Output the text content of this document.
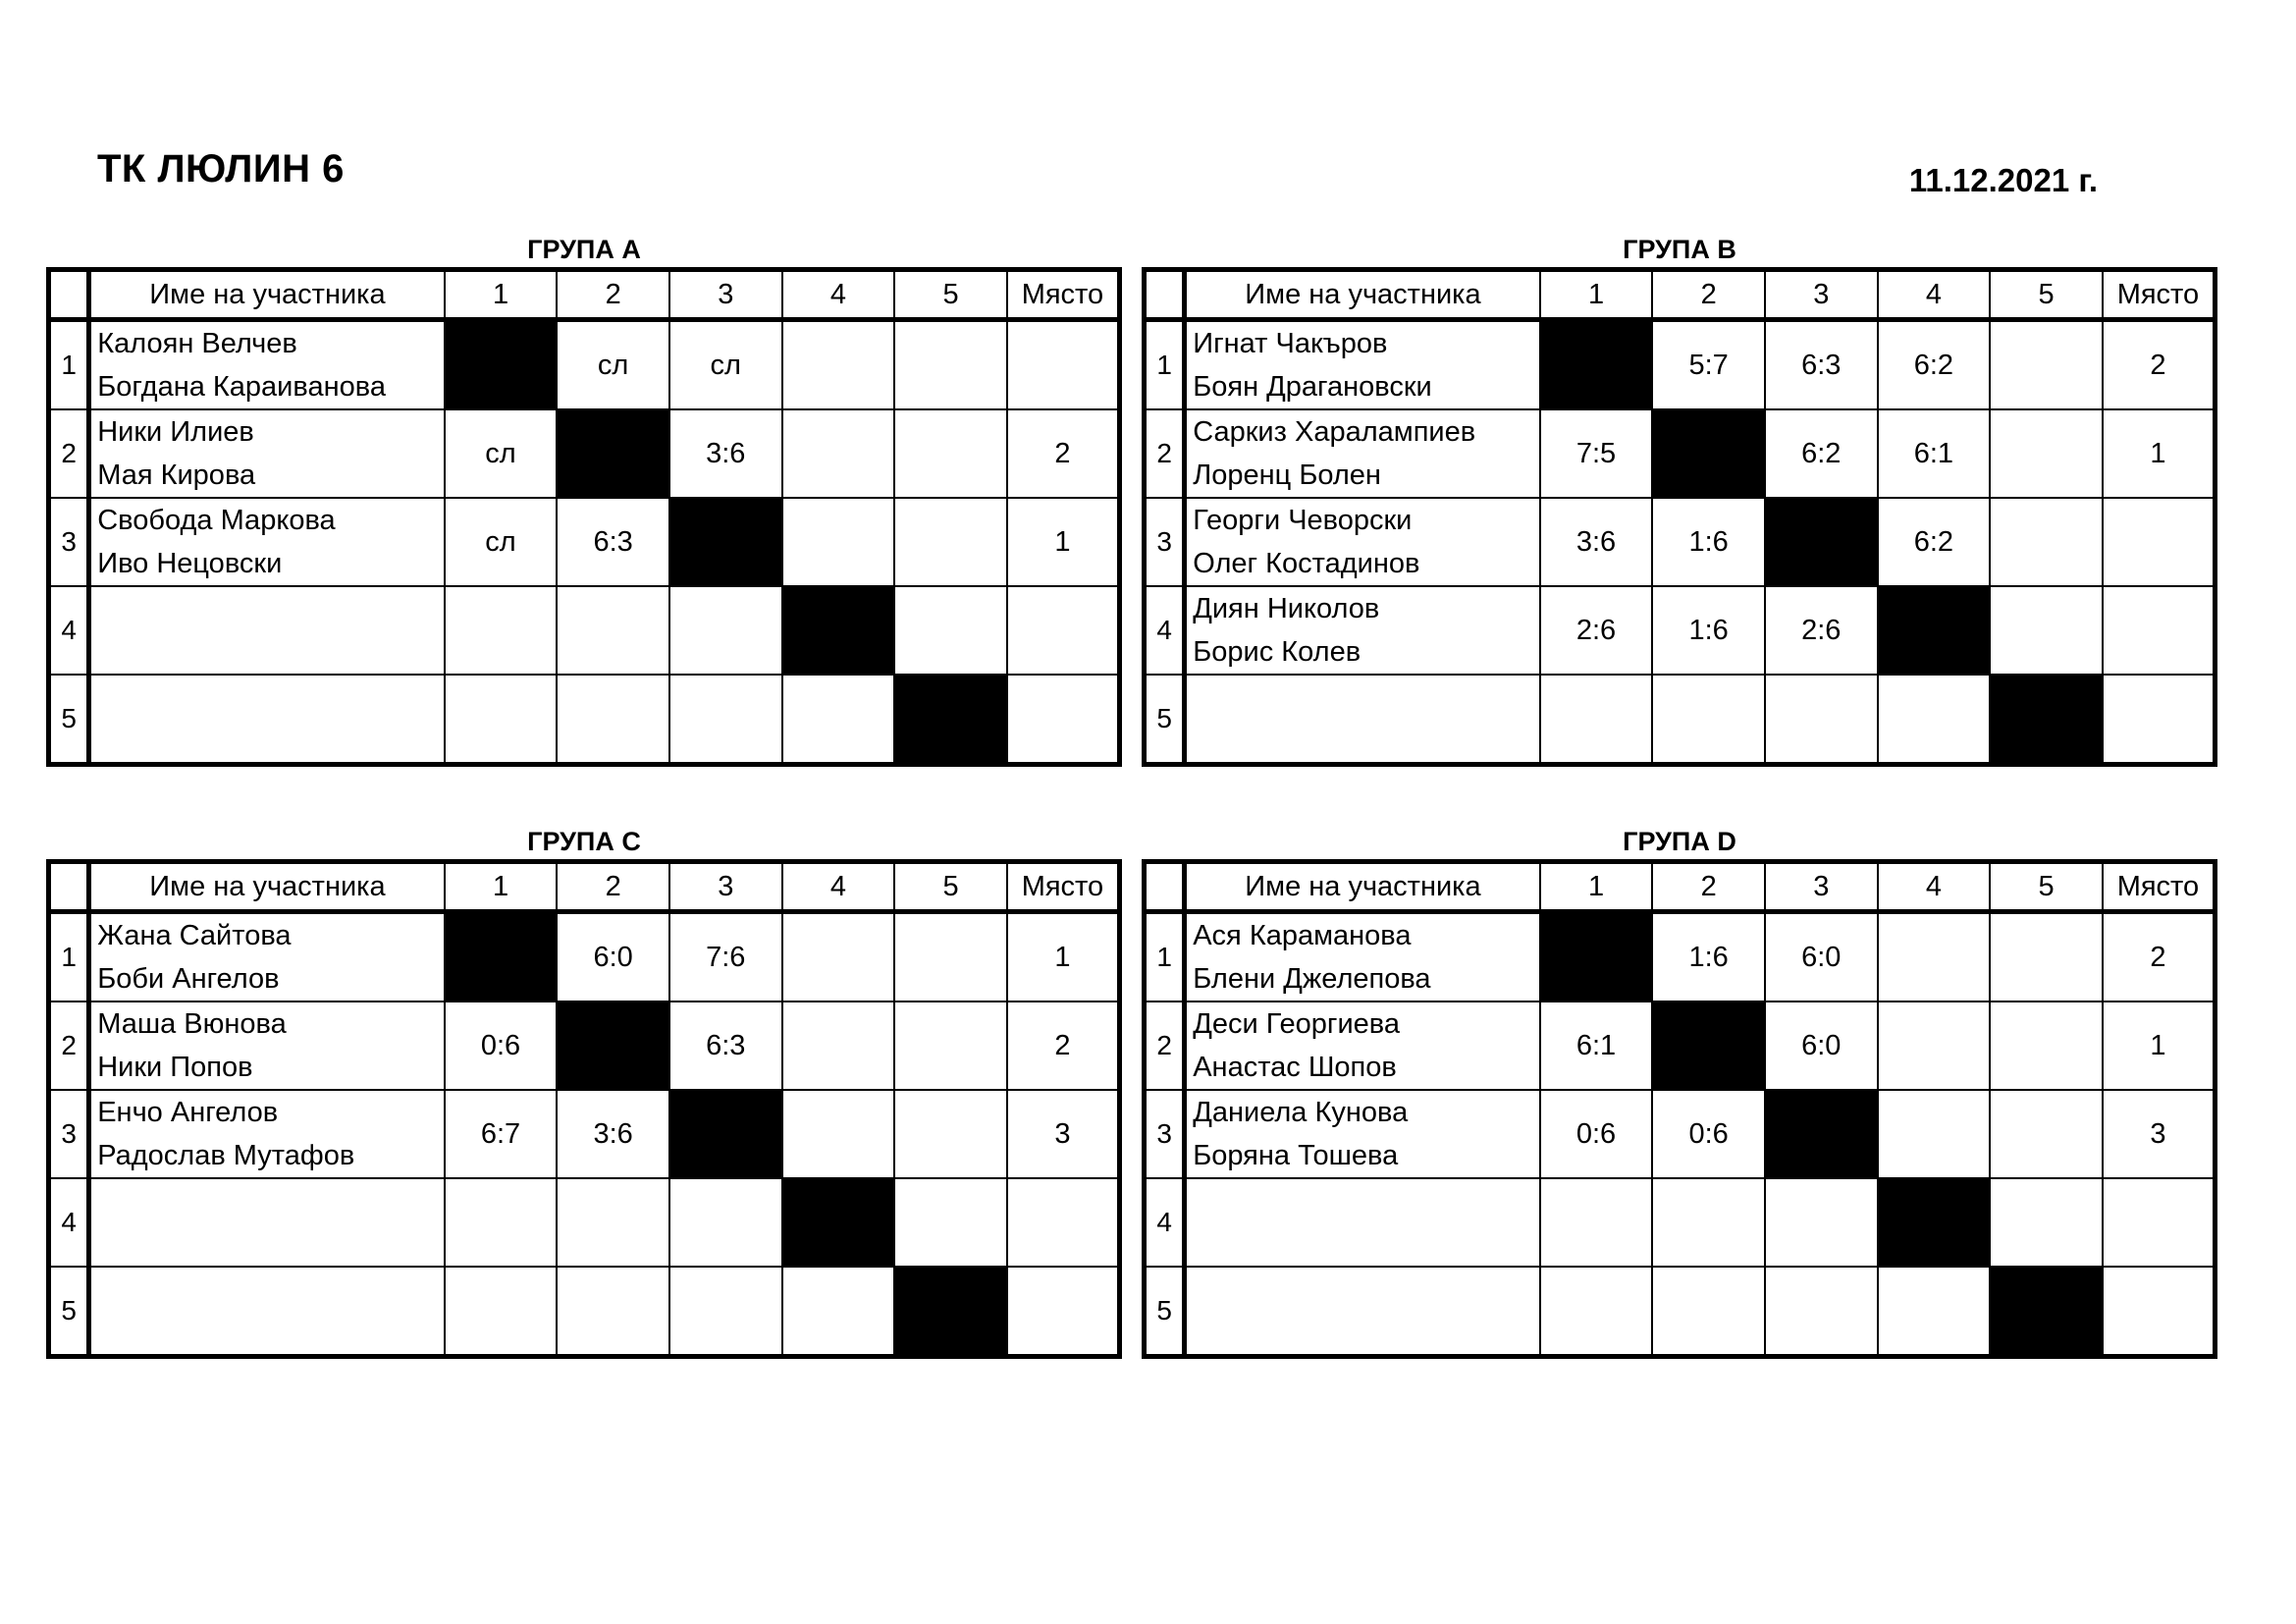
ТК ЛЮЛИН 6	11.12.2021 г.
ГРУПА А
	Име на участника	1	2	3	4	5	Място
1	Калоян Велчев
Богдана Караиванова		сл	сл			
2	Ники Илиев
Мая Кирова	сл		3:6			2
3	Свобода Маркова
Иво Нецовски	сл	6:3				1
4	

5	

ГРУПА B
	Име на участника	1	2	3	4	5	Място
1	Игнат Чакъров
Боян Драгановски		5:7	6:3	6:2		2
2	Саркиз Харалампиев
Лоренц Болен	7:5		6:2	6:1		1
3	Георги Чеворски
Олег Костадинов	3:6	1:6		6:2		
4	Диян Николов
Борис Колев	2:6	1:6	2:6			
5	

ГРУПА C
	Име на участника	1	2	3	4	5	Място
1	Жана Сайтова
Боби Ангелов		6:0	7:6			1
2	Маша Вюнова
Ники Попов	0:6		6:3			2
3	Енчо Ангелов
Радослав Мутафов	6:7	3:6				3
4	

5	

ГРУПА D
	Име на участника	1	2	3	4	5	Място
1	Ася Караманова
Блени Джелепова		1:6	6:0			2
2	Деси Георгиева
Анастас Шопов	6:1		6:0			1
3	Даниела Кунова
Боряна Тошева	0:6	0:6				3
4	

5	
